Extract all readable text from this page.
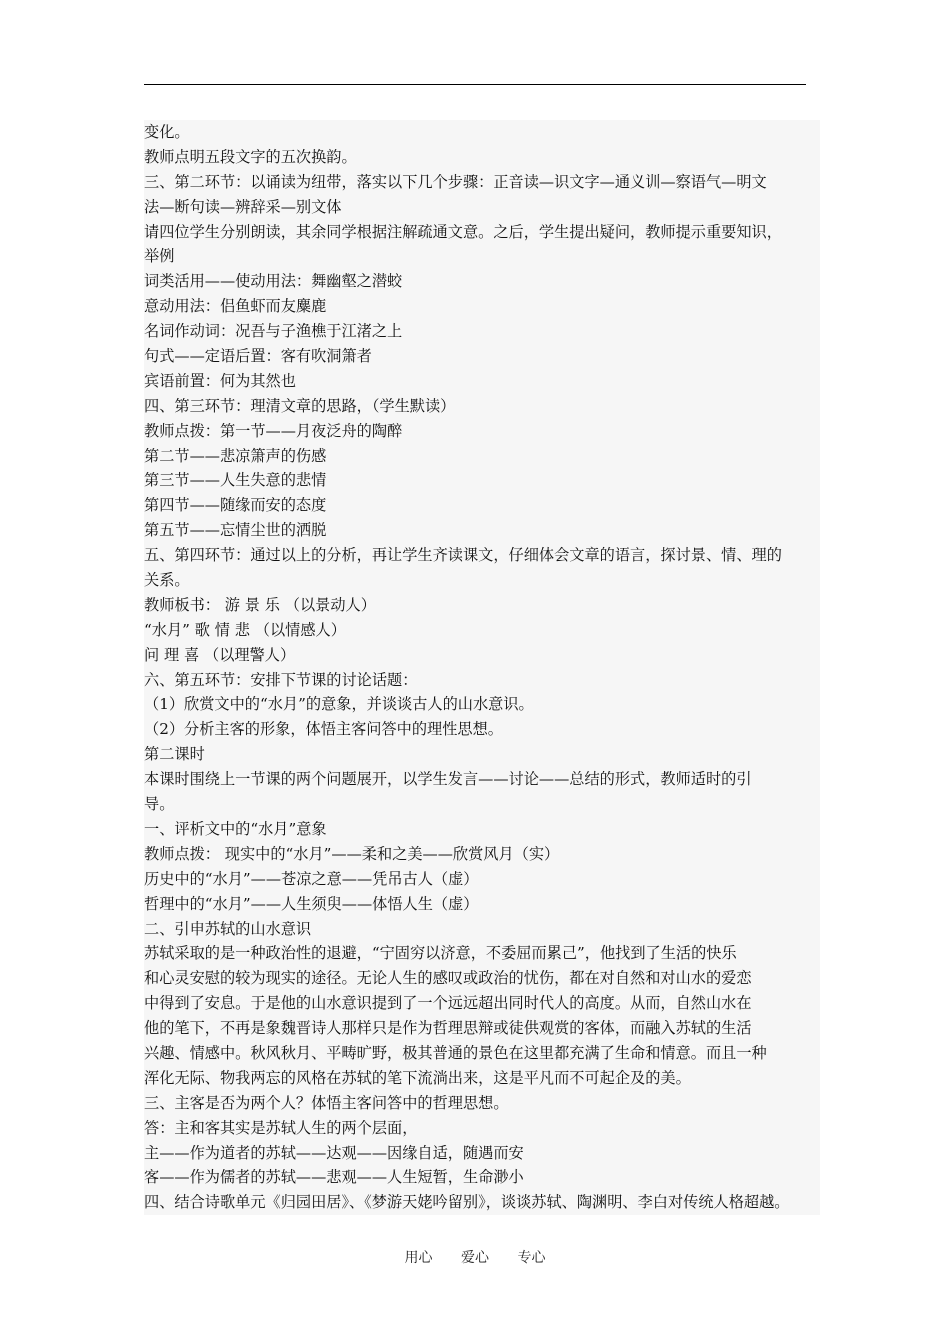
变化。
教师点明五段文字的五次换韵。
三、第二环节：以诵读为纽带，落实以下几个步骤：正音读—识文字—通义训—察语气—明文
法—断句读—辨辞采—别文体
请四位学生分别朗读，其余同学根据注解疏通文意。之后，学生提出疑问，教师提示重要知识，
举例
词类活用——使动用法：舞幽壑之潜蛟
意动用法：侣鱼虾而友麋鹿
名词作动词：况吾与子渔樵于江渚之上
句式——定语后置：客有吹洞箫者
宾语前置：何为其然也
四、第三环节：理清文章的思路，（学生默读）
教师点拨：第一节——月夜泛舟的陶醉
第二节——悲凉箫声的伤感
第三节——人生失意的悲情
第四节——随缘而安的态度
第五节——忘情尘世的洒脱
五、第四环节：通过以上的分析，再让学生齐读课文，仔细体会文章的语言，探讨景、情、理的
关系。
教师板书： 游 景 乐 （以景动人）
“水月” 歌 情 悲 （以情感人）
问 理 喜 （以理警人）
六、第五环节：安排下节课的讨论话题：
（1）欣赏文中的“水月”的意象，并谈谈古人的山水意识。
（2）分析主客的形象，体悟主客问答中的理性思想。
第二课时
本课时围绕上一节课的两个问题展开，以学生发言——讨论——总结的形式，教师适时的引
导。
一、评析文中的“水月”意象
教师点拨： 现实中的“水月”——柔和之美——欣赏风月（实）
历史中的“水月”——苍凉之意——凭吊古人（虚）
哲理中的“水月”——人生须臾——体悟人生（虚）
二、引申苏轼的山水意识
苏轼采取的是一种政治性的退避，“宁固穷以济意，不委屈而累己”，他找到了生活的快乐
和心灵安慰的较为现实的途径。无论人生的感叹或政治的忧伤，都在对自然和对山水的爱恋
中得到了安息。于是他的山水意识提到了一个远远超出同时代人的高度。从而，自然山水在
他的笔下，不再是象魏晋诗人那样只是作为哲理思辩或徒供观赏的客体，而融入苏轼的生活
兴趣、情感中。秋风秋月、平畴旷野，极其普通的景色在这里都充满了生命和情意。而且一种
浑化无际、物我两忘的风格在苏轼的笔下流淌出来，这是平凡而不可起企及的美。
三、主客是否为两个人？体悟主客问答中的哲理思想。
答：主和客其实是苏轼人生的两个层面，
主——作为道者的苏轼——达观——因缘自适，随遇而安
客——作为儒者的苏轼——悲观——人生短暂，生命渺小
四、结合诗歌单元《归园田居》、《梦游天姥吟留别》，谈谈苏轼、陶渊明、李白对传统人格超越。
用心 爱心 专心
